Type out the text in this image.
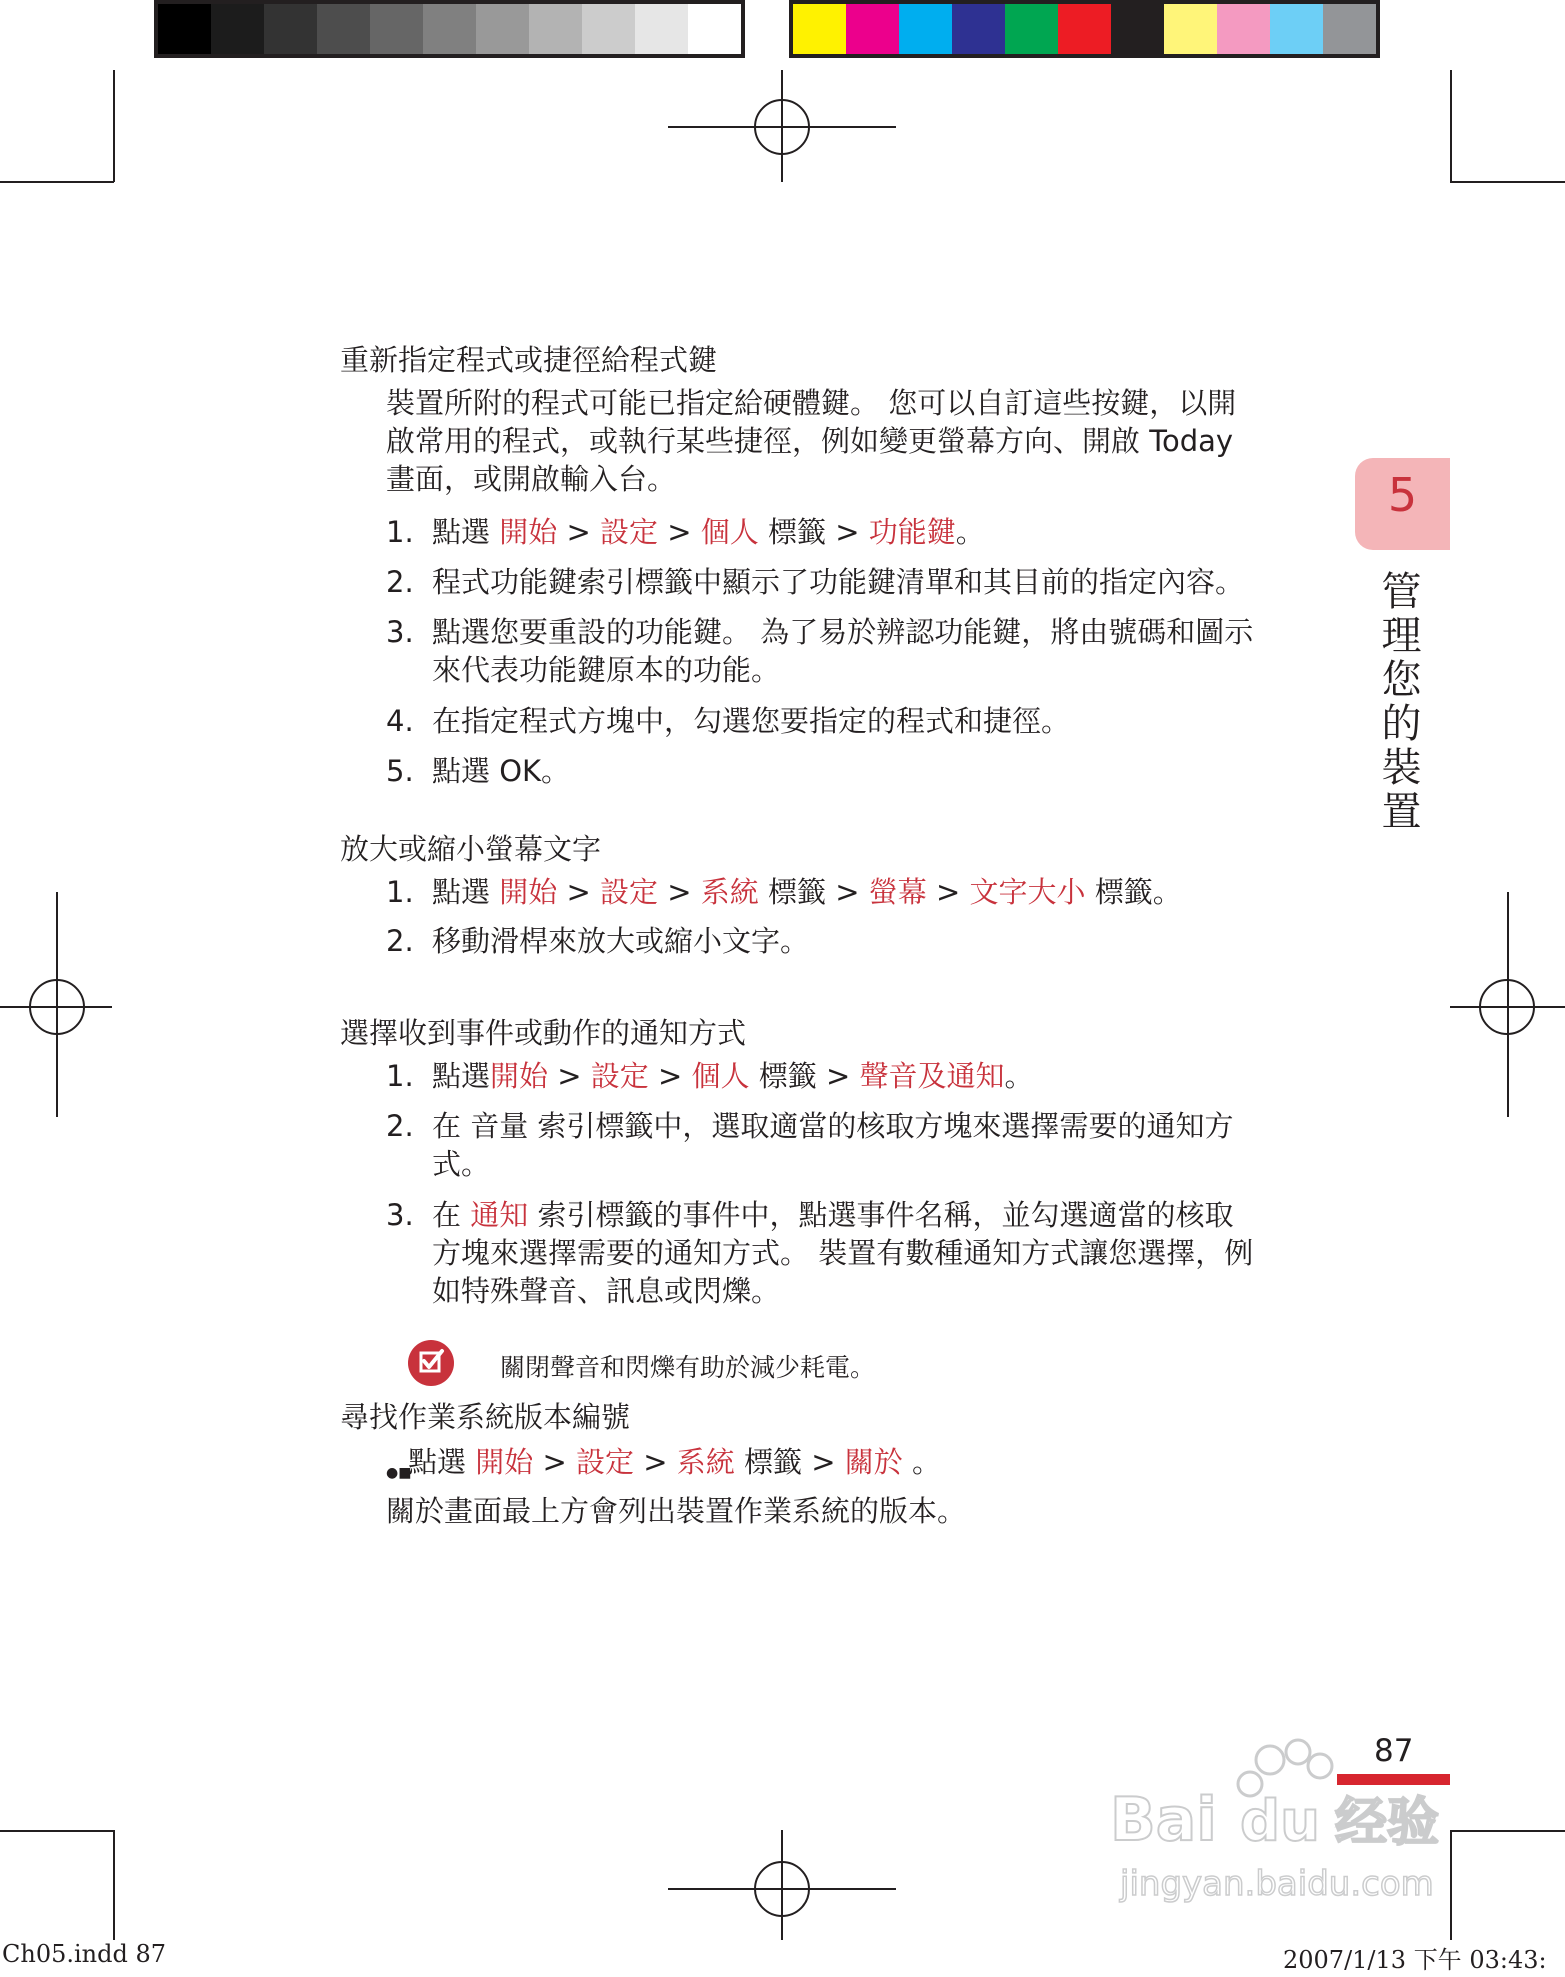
5
管理您的裝置
重新指定程式或捷徑給程式鍵
裝置所附的程式可能已指定給硬體鍵。 您可以自訂這些按鍵，以開
啟常用的程式，或執行某些捷徑，例如變更螢幕方向、開啟 Today
畫面，或開啟輸入台。
1. 點選 開始 > 設定 > 個人 標籤 > 功能鍵。
2. 程式功能鍵索引標籤中顯示了功能鍵清單和其目前的指定內容。
3. 點選您要重設的功能鍵。 為了易於辨認功能鍵，將由號碼和圖示
來代表功能鍵原本的功能。
4. 在指定程式方塊中，勾選您要指定的程式和捷徑。
5. 點選 OK。
放大或縮小螢幕文字
1. 點選 開始 > 設定 > 系統 標籤 > 螢幕 > 文字大小 標籤。
2. 移動滑桿來放大或縮小文字。
選擇收到事件或動作的通知方式
1. 點選開始 > 設定 > 個人 標籤 > 聲音及通知。
2. 在 音量 索引標籤中，選取適當的核取方塊來選擇需要的通知方
式。
3. 在 通知 索引標籤的事件中，點選事件名稱，並勾選適當的核取
方塊來選擇需要的通知方式。 裝置有數種通知方式讓您選擇，例
如特殊聲音、訊息或閃爍。
關閉聲音和閃爍有助於減少耗電。
尋找作業系統版本編號
●■
點選 開始 > 設定 > 系統 標籤 > 關於 。
關於畫面最上方會列出裝置作業系統的版本。
87
Bai du 经验
jingyan.baidu.com
Ch05.indd 87	2007/1/13 下午 03:43:
